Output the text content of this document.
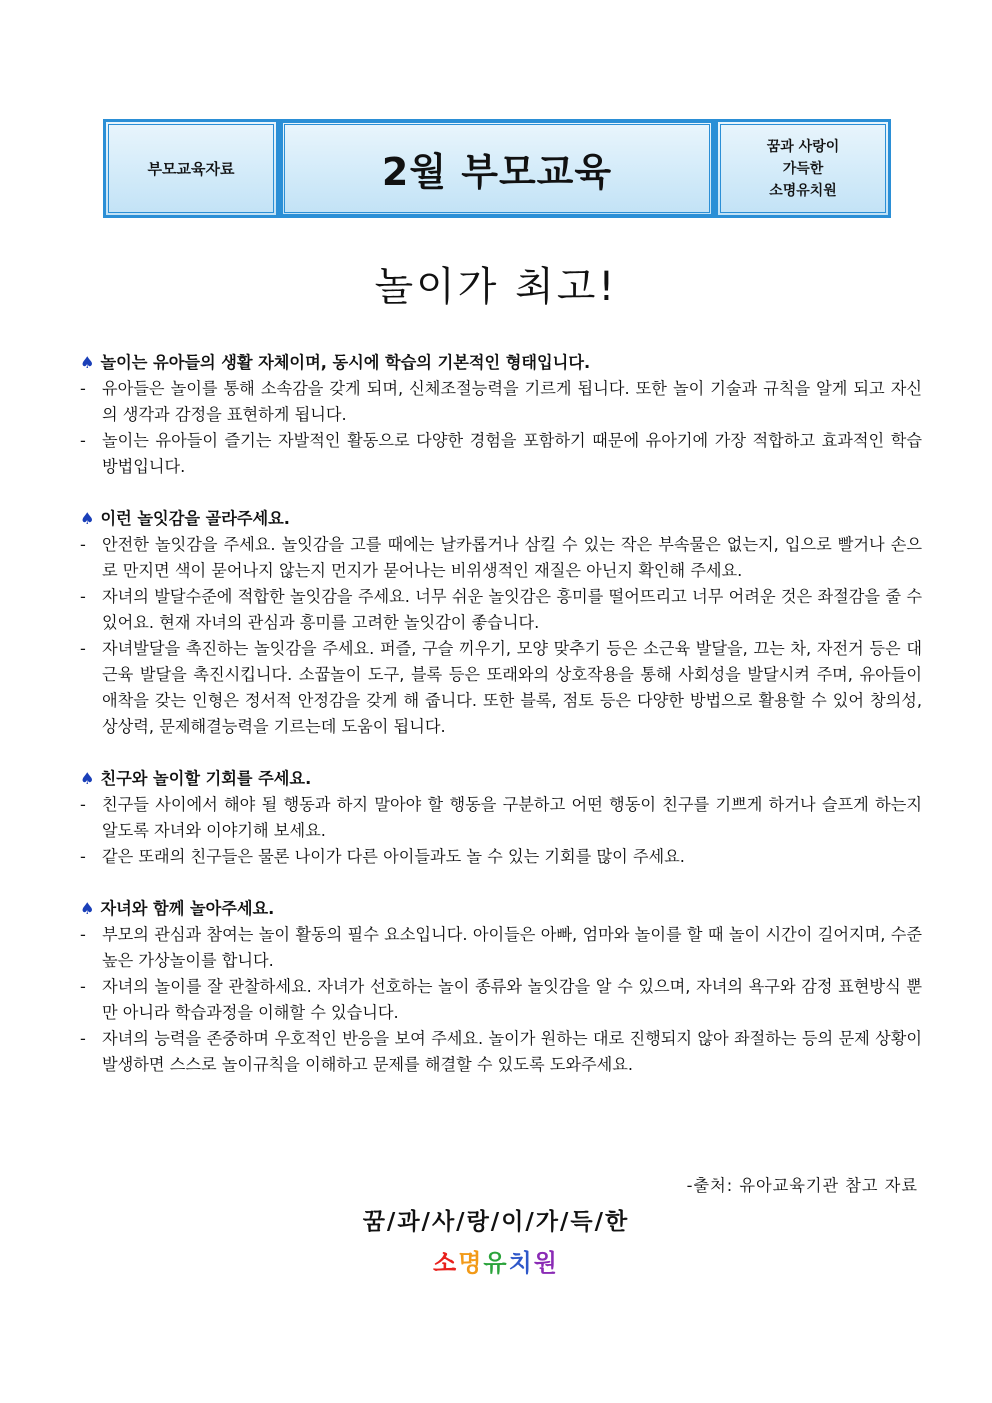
부모교육자료	2월 부모교육
꿈과 사랑이
가득한
소명유치원
놀이가 최고!
♠ 놀이는 유아들의 생활 자체이며, 동시에 학습의 기본적인 형태입니다.
- 유아들은 놀이를 통해 소속감을 갖게 되며, 신체조절능력을 기르게 됩니다. 또한 놀이 기술과 규칙을 알게 되고 자신의 생각과 감정을 표현하게 됩니다.
- 놀이는 유아들이 즐기는 자발적인 활동으로 다양한 경험을 포함하기 때문에 유아기에 가장 적합하고 효과적인 학습 방법입니다.
♠ 이런 놀잇감을 골라주세요.
- 안전한 놀잇감을 주세요. 놀잇감을 고를 때에는 날카롭거나 삼킬 수 있는 작은 부속물은 없는지, 입으로 빨거나 손으로 만지면 색이 묻어나지 않는지 먼지가 묻어나는 비위생적인 재질은 아닌지 확인해 주세요.
- 자녀의 발달수준에 적합한 놀잇감을 주세요. 너무 쉬운 놀잇감은 흥미를 떨어뜨리고 너무 어려운 것은 좌절감을 줄 수 있어요. 현재 자녀의 관심과 흥미를 고려한 놀잇감이 좋습니다.
- 자녀발달을 촉진하는 놀잇감을 주세요. 퍼즐, 구슬 끼우기, 모양 맞추기 등은 소근육 발달을, 끄는 차, 자전거 등은 대근육 발달을 촉진시킵니다. 소꿉놀이 도구, 블록 등은 또래와의 상호작용을 통해 사회성을 발달시켜 주며, 유아들이 애착을 갖는 인형은 정서적 안정감을 갖게 해 줍니다. 또한 블록, 점토 등은 다양한 방법으로 활용할 수 있어 창의성, 상상력, 문제해결능력을 기르는데 도움이 됩니다.
♠ 친구와 놀이할 기회를 주세요.
- 친구들 사이에서 해야 될 행동과 하지 말아야 할 행동을 구분하고 어떤 행동이 친구를 기쁘게 하거나 슬프게 하는지 알도록 자녀와 이야기해 보세요.
- 같은 또래의 친구들은 물론 나이가 다른 아이들과도 놀 수 있는 기회를 많이 주세요.
♠ 자녀와 함께 놀아주세요.
- 부모의 관심과 참여는 놀이 활동의 필수 요소입니다. 아이들은 아빠, 엄마와 놀이를 할 때 놀이 시간이 길어지며, 수준 높은 가상놀이를 합니다.
- 자녀의 놀이를 잘 관찰하세요. 자녀가 선호하는 놀이 종류와 놀잇감을 알 수 있으며, 자녀의 욕구와 감정 표현방식 뿐만 아니라 학습과정을 이해할 수 있습니다.
- 자녀의 능력을 존중하며 우호적인 반응을 보여 주세요. 놀이가 원하는 대로 진행되지 않아 좌절하는 등의 문제 상황이 발생하면 스스로 놀이규칙을 이해하고 문제를 해결할 수 있도록 도와주세요.
-출처: 유아교육기관 참고 자료
꿈/과/사/랑/이/가/득/한
소명유치원
